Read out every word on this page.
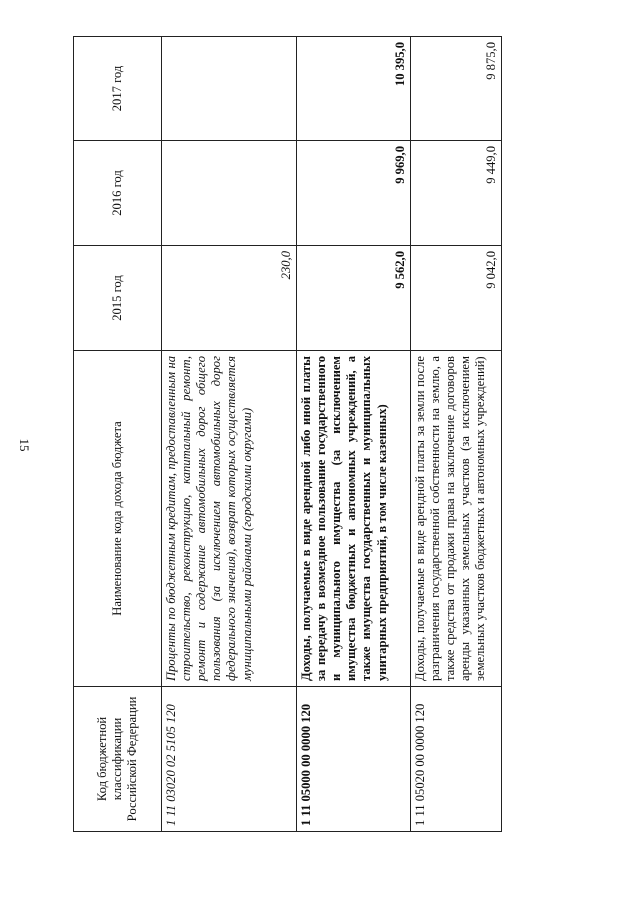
15
Код бюджетной классификации Российской Федерации	Наименование кода дохода бюджета	2015 год	2016 год	2017 год
1 11 03020 02 5105 120	Проценты по бюджетным кредитам, предоставленным на строительство, реконструкцию, капитальный ремонт, ремонт и содержание автомобильных дорог общего пользования (за исключением автомобильных дорог федерального значения), возврат которых осуществляется муниципальными районами (городскими округами)	230,0		
1 11 05000 00 0000 120	Доходы, получаемые в виде арендной либо иной платы за передачу в возмездное пользование государственного и муниципального имущества (за исключением имущества бюджетных и автономных учреждений, а также имущества государственных и муниципальных унитарных предприятий, в том числе казенных)	9 562,0	9 969,0	10 395,0
1 11 05020 00 0000 120	Доходы, получаемые в виде арендной платы за земли после разграничения государственной собственности на землю, а также средства от продажи права на заключение договоров аренды указанных земельных участков (за исключением земельных участков бюджетных и автономных учреждений)	9 042,0	9 449,0	9 875,0
